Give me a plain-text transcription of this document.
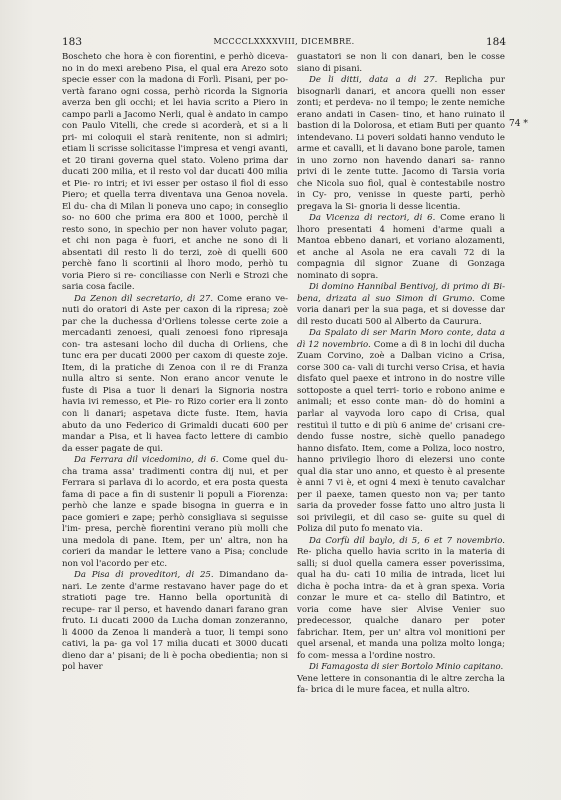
183	MCCCCLXXXXVIII, DICEMBRE.	184

Boscheto che hora è con fiorentini, e perhò diceva- no in do mexi arebeno Pisa, el qual era Arezo soto specie esser con la madona di Forlì. Pisani, per po- vertà farano ogni cossa, perhò ricorda la Signoria averza ben gli occhi; et lei havia scrito a Piero in campo parli a Jacomo Nerli, qual è andato in campo con Paulo Vitelli, che crede si acorderà, et si a li pri- mi coloquii el starà renitente, non si admiri; etiam li scrisse solicitasse l'impresa et vengi avanti, et 20 tirani governa quel stato. Voleno prima dar ducati 200 milia, et il resto vol dar ducati 400 milia et Pie- ro intri; et ivi esser per ostaso il fiol di esso Piero; et quella terra diventava una Genoa novela. El du- cha di Milan li poneva uno capo; in conseglio so- no 600 che prima era 800 et 1000, perchè il resto sono, in spechio per non haver voluto pagar, et chi non paga è fuori, et anche ne sono di li absentati dil resto li do terzi, zoè di quelli 600 perchè fano li scortinii al lhoro modo, perhò tu voria Piero si re- conciliasse con Nerli e Strozi che saria cosa facile.

Da Zenon dil secretario, di 27. Come erano ve- nuti do oratori di Aste per caxon di la ripresa; zoè par che la duchessa d'Orliens tolesse certe zoie a mercadanti zenoesi, quali zenoesi fono ripresaja con- tra astesani locho dil ducha di Orliens, che tunc era per ducati 2000 per caxom di queste zoje. Item, di la pratiche di Zenoa con il re di Franza nulla altro si sente. Non erano ancor venute le fuste di Pisa a tuor li denari la Signoria nostra havia ivi remesso, et Pie- ro Rizo corier era li zonto con li danari; aspetava dicte fuste. Item, havia abuto da uno Federico di Grimaldi ducati 600 per mandar a Pisa, et li havea facto lettere di cambio da esser pagate de qui.

Da Ferrara dil vicedomino, di 6. Come quel du- cha trama assa' tradimenti contra dij nui, et per Ferrara si parlava di lo acordo, et era posta questa fama di pace a fin di sustenir li populi a Fiorenza: perhò che lanze e spade bisogna in guerra e in pace gomieri e zape; perhò consigliava si seguisse l'im- presa, perchè fiorentini verano più molli che una medola di pane. Item, per un' altra, non ha corieri da mandar le lettere vano a Pisa; conclude non vol l'acordo per etc.

Da Pisa di proveditori, di 25. Dimandano da- nari. Le zente d'arme restavano haver page do et stratioti page tre. Hanno bella oportunità di recupe- rar il perso, et havendo danari farano gran fruto. Li ducati 2000 da Lucha doman zonzeranno, li 4000 da Zenoa li manderà a tuor, li tempi sono cativi, la pa- ga vol 17 milia ducati et 3000 ducati dieno dar a' pisani; de li è pocha obedientia; non si pol haver

guastatori se non li con danari, ben le cosse siano di pisani.

De li ditti, data a di 27. Replicha pur bisognarli danari, et ancora quelli non esser zonti; et perdeva- no il tempo; le zente nemiche erano andati in Casen- tino, et hano ruinato il bastion di la Dolorosa, et etiam Buti per quanto intendevano. Li poveri soldati hanno venduto le arme et cavalli, et li davano bone parole, tamen in uno zorno non havendo danari sa- ranno privi di le zente tutte. Jacomo di Tarsia voria che Nicola suo fiol, qual è contestabile nostro in Cy- pro, venisse in queste parti, perhò pregava la Si- gnoria li desse licentia.

Da Vicenza di rectori, di 6. Come erano li lhoro presentati 4 homeni d'arme quali a Mantoa ebbeno danari, et voriano alozamenti, et anche al Asola ne era cavali 72 di la compagnia dil signor Zuane di Gonzaga nominato di sopra.

Di domino Hannibal Bentivoj, di primo di Bi- bena, drizata al suo Simon di Grumo. Come voria danari per la sua paga, et si dovesse dar dil resto ducati 500 al Alberto da Caurura.

Da Spalato di ser Marin Moro conte, data a dì 12 novembrio. Come a dì 8 in lochi dil ducha Zuam Corvino, zoè a Dalban vicino a Crisa, corse 300 ca- vali di turchi verso Crisa, et havia disfato quel paexe et introno in do nostre ville sottoposte a quel terri- torio e robono anime e animali; et esso conte man- dò do homini a parlar al vayvoda loro capo di Crisa, qual restituì il tutto e di più 6 anime de' crisani cre- dendo fusse nostre, sichè quello panadego hanno disfato. Item, come a Poliza, loco nostro, hanno privilegio lhoro di elezersi uno conte qual dia star uno anno, et questo è al presente è anni 7 vi è, et ogni 4 mexi è tenuto cavalchar per il paexe, tamen questo non va; per tanto saria da proveder fosse fatto uno altro justa li soi privilegii, et dil caso se- guite su quel di Poliza dil puto fo menato via.

Da Corfù dil baylo, di 5, 6 et 7 novembrio. Re- plicha quello havia scrito in la materia di salli; si duol quella camera esser poverissima, qual ha du- cati 10 milia de intrada, licet lui dicha è pocha intra- da et à gran spexa. Voria conzar le mure et ca- stello dil Batintro, et voria come have sier Alvise Venier suo predecessor, qualche danaro per poter fabrichar. Item, per un' altra vol monitioni per quel arsenal, et manda una poliza molto longa; fo com- messa a l'ordine nostro.

Di Famagosta di sier Bortolo Minio capitano.

Vene lettere in consonantia di le altre zercha la fa- brica di le mure facea, et nulla altro.

74 *
